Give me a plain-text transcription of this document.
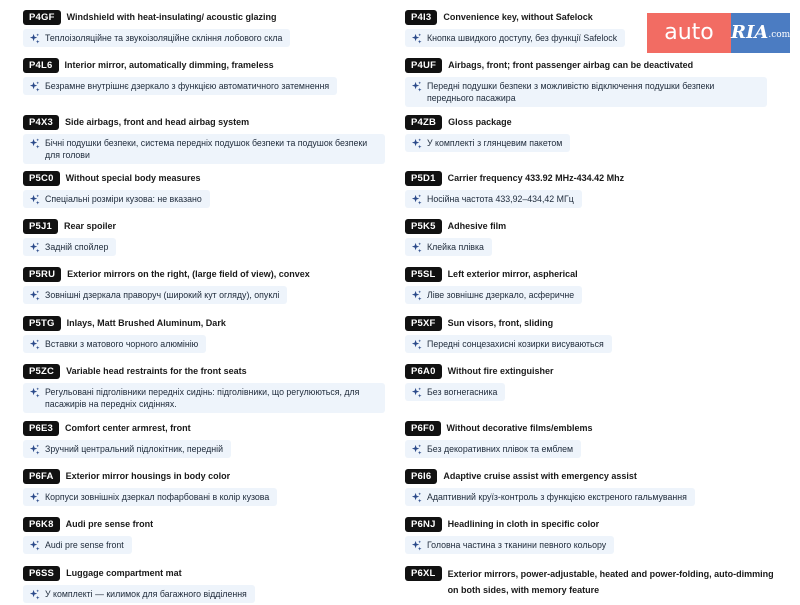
P4GF	Windshield with heat-insulating/ acoustic glazing
Теплоізоляційне та звукоізоляційне скління лобового скла
P4L6	Interior mirror, automatically dimming, frameless
Безрамне внутрішнє дзеркало з функцією автоматичного затемнення
P4X3	Side airbags, front and head airbag system
Бічні подушки безпеки, система передніх подушок безпеки та подушок безпеки для голови
P5C0	Without special body measures
Спеціальні розміри кузова: не вказано
P5J1	Rear spoiler
Задній спойлер
P5RU	Exterior mirrors on the right, (large field of view), convex
Зовнішні дзеркала праворуч (широкий кут огляду), опуклі
P5TG	Inlays, Matt Brushed Aluminum, Dark
Вставки з матового чорного алюмінію
P5ZC	Variable head restraints for the front seats
Регульовані підголівники передніх сидінь: підголівники, що регулюються, для пасажирів на передніх сидіннях.
P6E3	Comfort center armrest, front
Зручний центральний підлокітник, передній
P6FA	Exterior mirror housings in body color
Корпуси зовнішніх дзеркал пофарбовані в колір кузова
P6K8	Audi pre sense front
Audi pre sense front
P6SS	Luggage compartment mat
У комплекті — килимок для багажного відділення
P4I3	Convenience key, without Safelock
Кнопка швидкого доступу, без функції Safelock
P4UF	Airbags, front; front passenger airbag can be deactivated
Передні подушки безпеки з можливістю відключення подушки безпеки переднього пасажира
P4ZB	Gloss package
У комплекті з глянцевим пакетом
P5D1	Carrier frequency 433.92 MHz-434.42 Mhz
Носійна частота 433,92–434,42 МГц
P5K5	Adhesive film
Клейка плівка
P5SL	Left exterior mirror, aspherical
Ліве зовнішнє дзеркало, асферичне
P5XF	Sun visors, front, sliding
Передні сонцезахисні козирки висуваються
P6A0	Without fire extinguisher
Без вогнегасника
P6F0	Without decorative films/emblems
Без декоративних плівок та емблем
P6I6	Adaptive cruise assist with emergency assist
Адаптивний круїз-контроль з функцією екстреного гальмування
P6NJ	Headlining in cloth in specific color
Головна частина з тканини певного кольору
P6XL	Exterior mirrors, power-adjustable, heated and power-folding, auto-dimming on both sides, with memory feature
auto RIA.com
